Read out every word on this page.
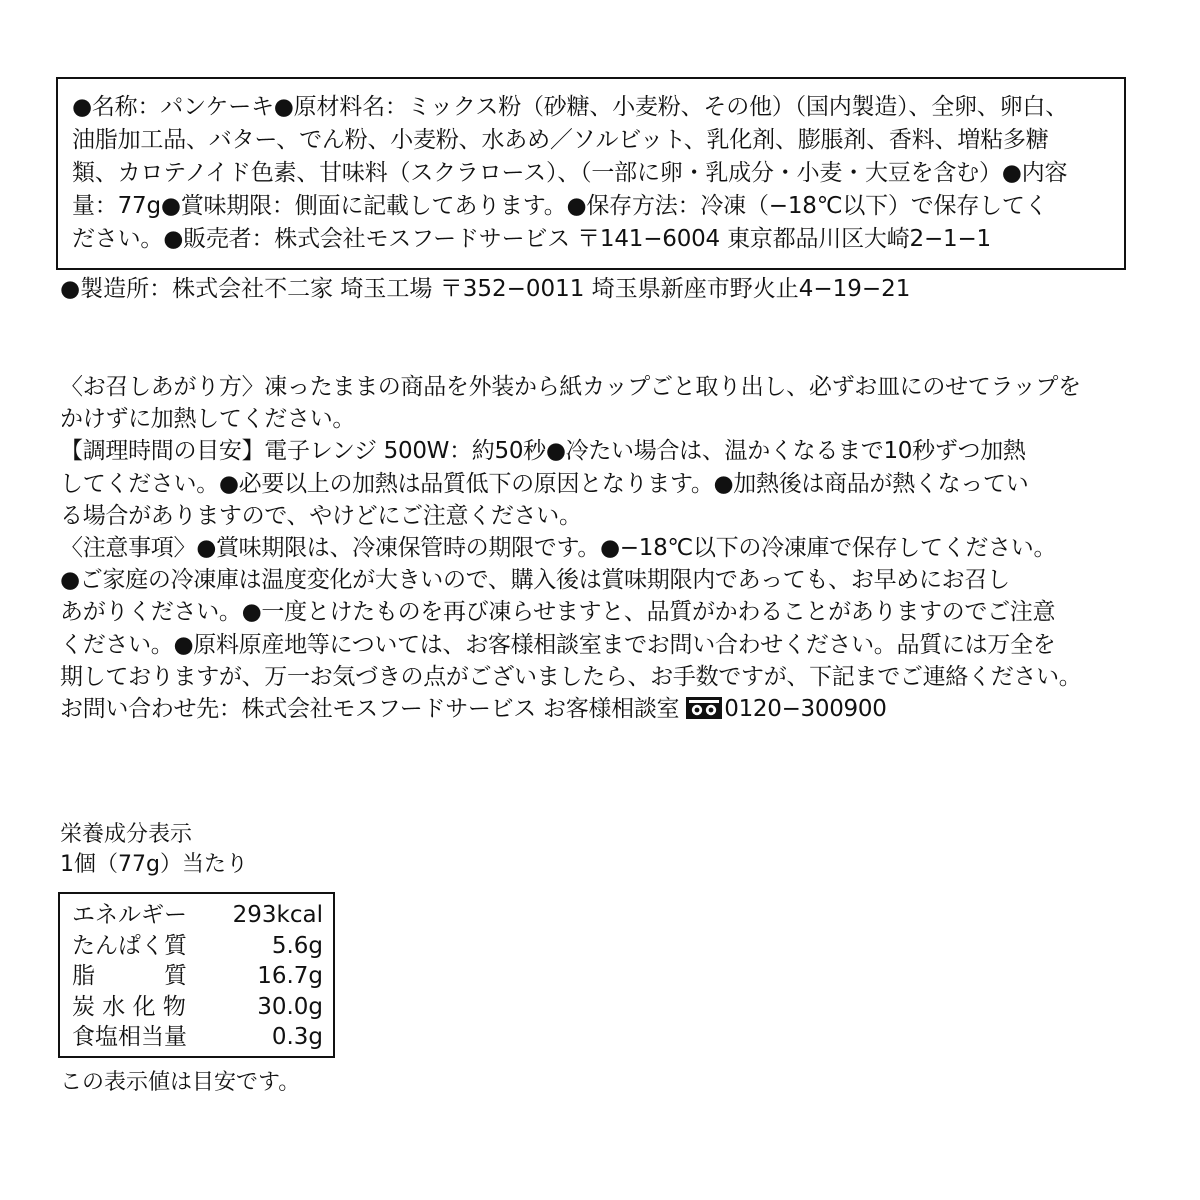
●名称：パンケーキ●原材料名：ミックス粉（砂糖、小麦粉、その他）（国内製造）、全卵、卵白、
油脂加工品、バター、でん粉、小麦粉、水あめ／ソルビット、乳化剤、膨脹剤、香料、増粘多糖
類、カロテノイド色素、甘味料（スクラロース）、（一部に卵・乳成分・小麦・大豆を含む）●内容
量：77g●賞味期限：側面に記載してあります。●保存方法：冷凍（−18℃以下）で保存してく
ださい。●販売者：株式会社モスフードサービス 〒141−6004 東京都品川区大崎2−1−1
●製造所：株式会社不二家 埼玉工場 〒352−0011 埼玉県新座市野火止4−19−21
〈お召しあがり方〉凍ったままの商品を外装から紙カップごと取り出し、必ずお皿にのせてラップを
かけずに加熱してください。
【調理時間の目安】電子レンジ 500W：約50秒●冷たい場合は、温かくなるまで10秒ずつ加熱
してください。●必要以上の加熱は品質低下の原因となります。●加熱後は商品が熱くなってい
る場合がありますので、やけどにご注意ください。
〈注意事項〉●賞味期限は、冷凍保管時の期限です。●−18℃以下の冷凍庫で保存してください。
●ご家庭の冷凍庫は温度変化が大きいので、購入後は賞味期限内であっても、お早めにお召し
あがりください。●一度とけたものを再び凍らせますと、品質がかわることがありますのでご注意
ください。●原料原産地等については、お客様相談室までお問い合わせください。品質には万全を
期しておりますが、万一お気づきの点がございましたら、お手数ですが、下記までご連絡ください。
お問い合わせ先：株式会社モスフードサービス お客様相談室 0120−300900
栄養成分表示
1個（77g）当たり
エネルギー 293kcal
たんぱく質	5.6g
脂　　　質	16.7g
炭 水 化 物	30.0g
食塩相当量	0.3g
この表示値は目安です。
